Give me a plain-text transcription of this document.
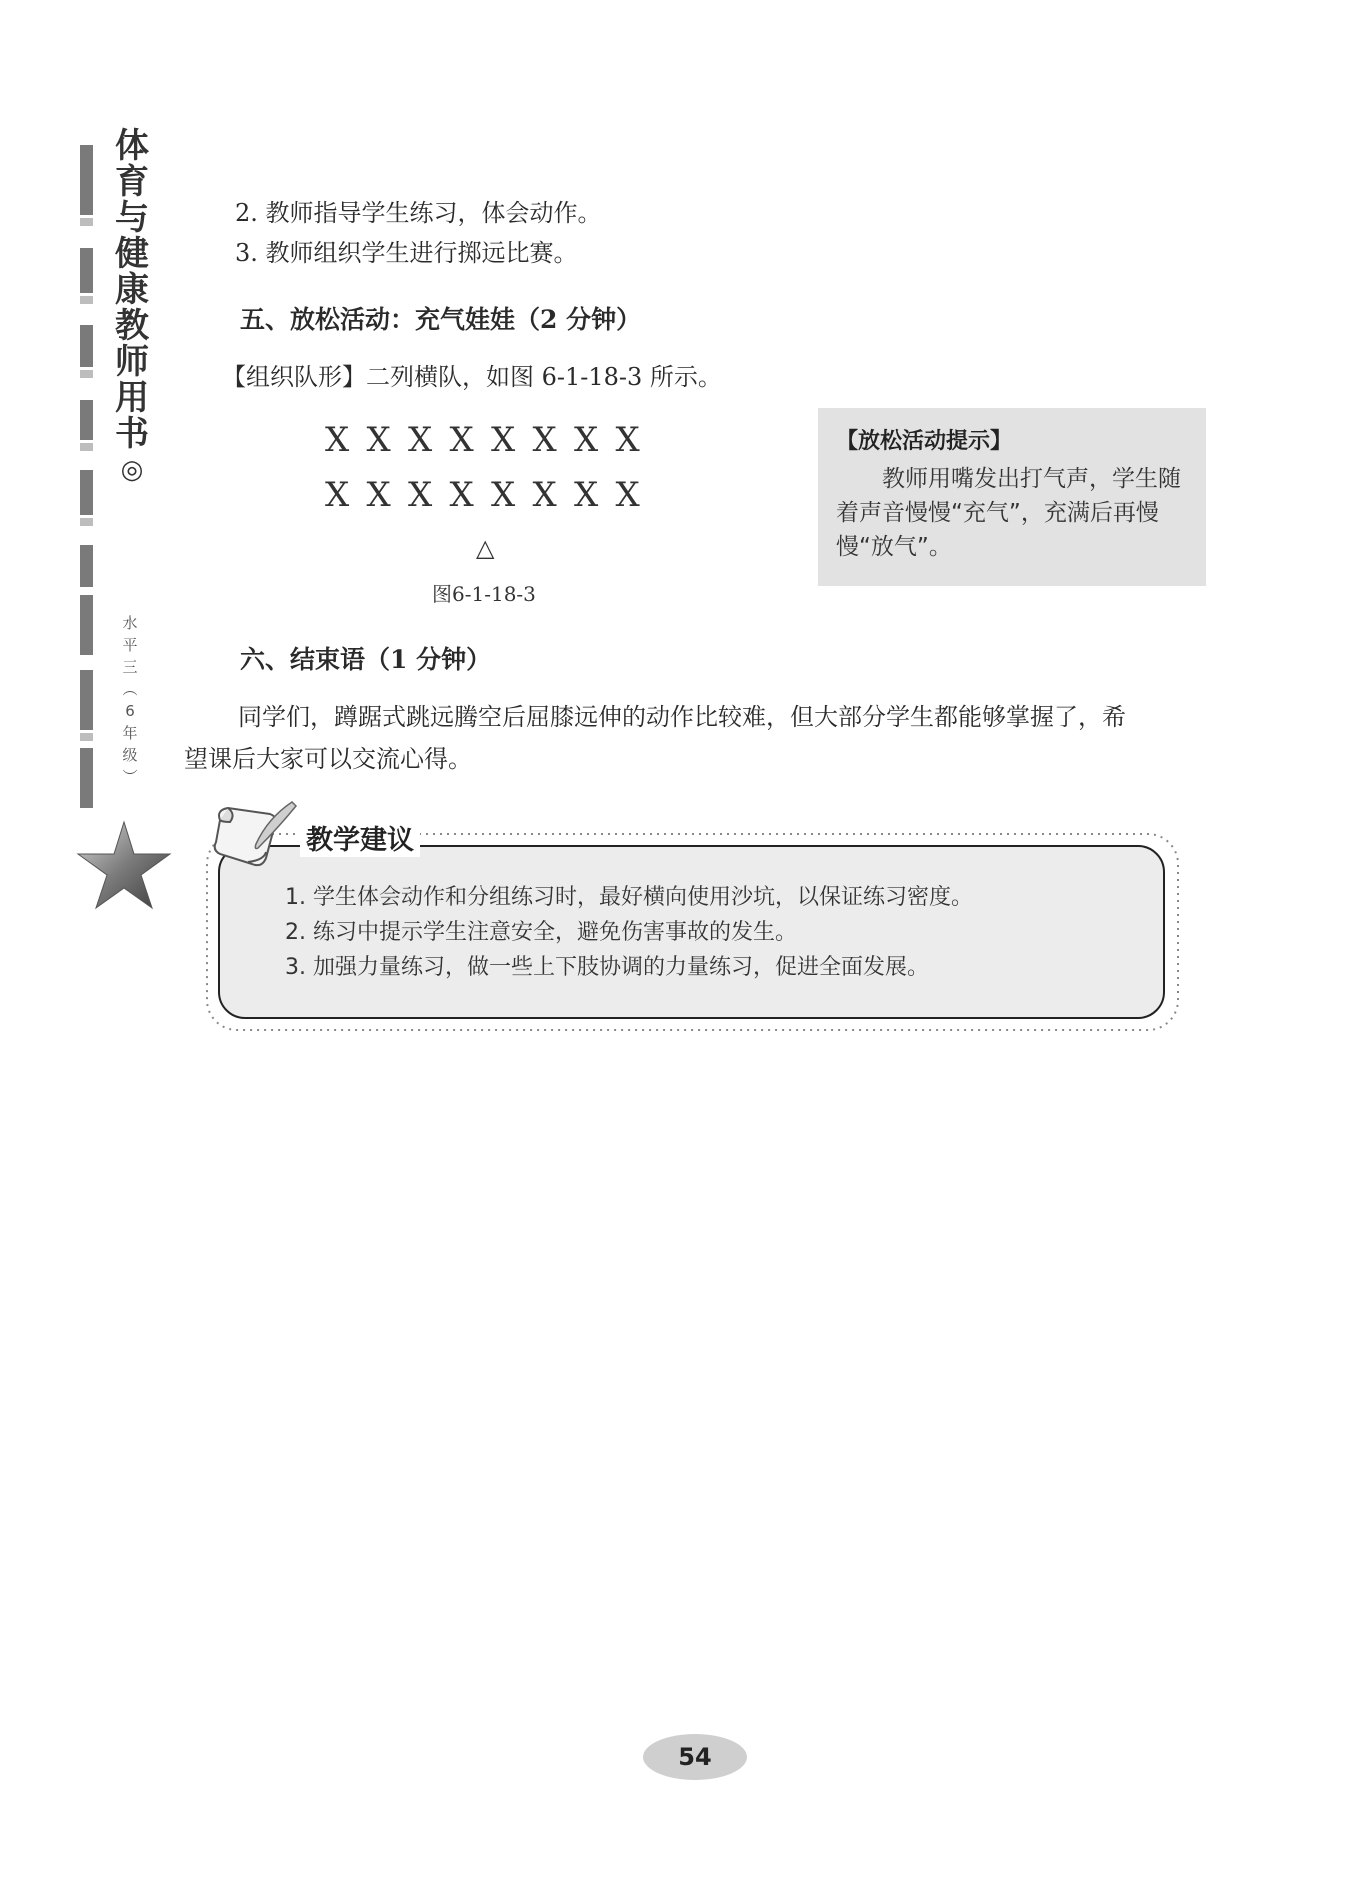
体
育
与
健
康
教
师
用
书
◎
水
平
三
︵
6
年
级
︶
2. 教师指导学生练习，体会动作。
3. 教师组织学生进行掷远比赛。
五、放松活动：充气娃娃（2 分钟）
【组织队形】二列横队，如图 6-1-18-3 所示。
X X X X X X X X
X X X X X X X X
△
图6-1-18-3
【放松活动提示】
教师用嘴发出打气声，学生随着声音慢慢“充气”，充满后再慢慢“放气”。
六、结束语（1 分钟）
同学们，蹲踞式跳远腾空后屈膝远伸的动作比较难，但大部分学生都能够掌握了，希
望课后大家可以交流心得。
教学建议
1. 学生体会动作和分组练习时，最好横向使用沙坑，以保证练习密度。
2. 练习中提示学生注意安全，避免伤害事故的发生。
3. 加强力量练习，做一些上下肢协调的力量练习，促进全面发展。
54
